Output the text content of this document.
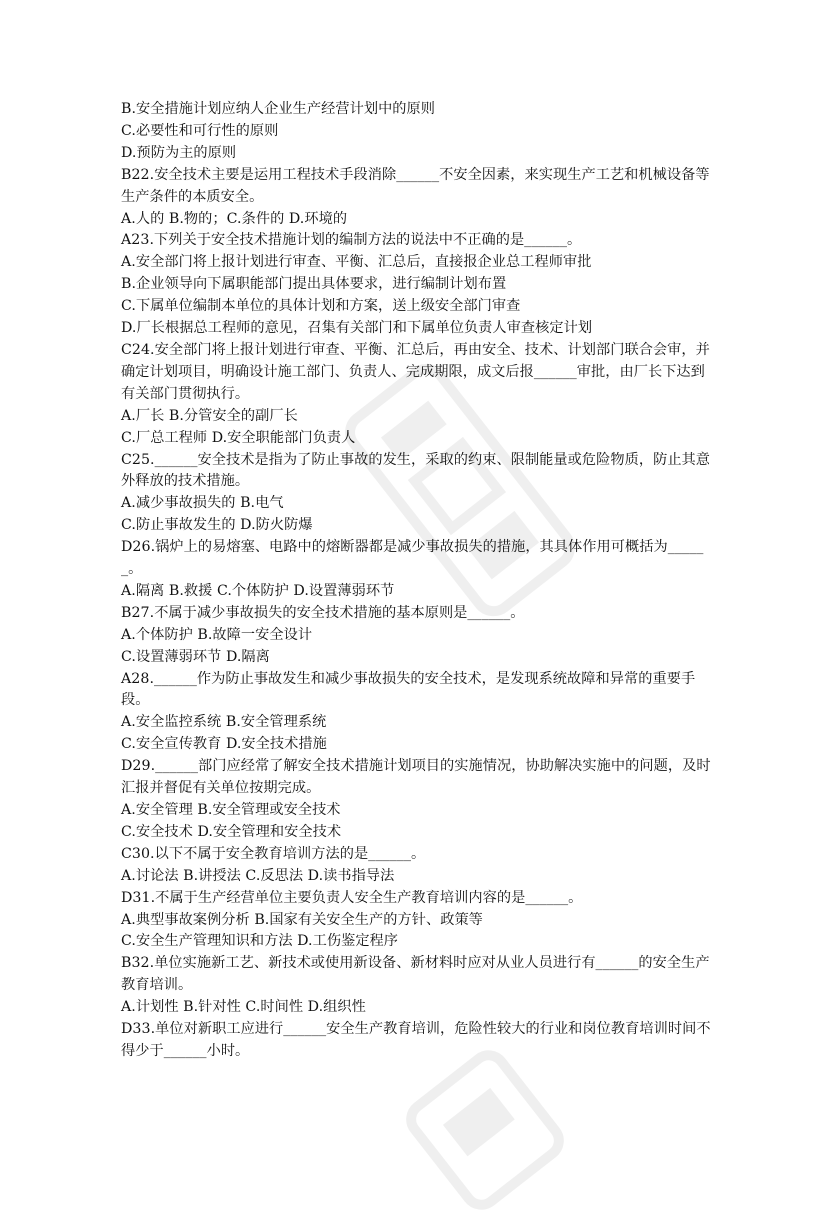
B.安全措施计划应纳人企业生产经营计划中的原则

C.必要性和可行性的原则

D.预防为主的原则

B22.安全技术主要是运用工程技术手段消除______不安全因素，来实现生产工艺和机械设备等生产条件的本质安全。

A.人的 B.物的；C.条件的 D.环境的

A23.下列关于安全技术措施计划的编制方法的说法中不正确的是______。

A.安全部门将上报计划进行审查、平衡、汇总后，直接报企业总工程师审批

B.企业领导向下属职能部门提出具体要求，进行编制计划布置

C.下属单位编制本单位的具体计划和方案，送上级安全部门审查

D.厂长根据总工程师的意见，召集有关部门和下属单位负责人审查核定计划

C24.安全部门将上报计划进行审查、平衡、汇总后，再由安全、技术、计划部门联合会审，并确定计划项目，明确设计施工部门、负责人、完成期限，成文后报______审批，由厂长下达到有关部门贯彻执行。

A.厂长 B.分管安全的副厂长

C.厂总工程师 D.安全职能部门负责人

C25.______安全技术是指为了防止事故的发生，采取的约束、限制能量或危险物质，防止其意外释放的技术措施。

A.减少事故损失的 B.电气

C.防止事故发生的 D.防火防爆

D26.锅炉上的易熔塞、电路中的熔断器都是减少事故损失的措施，其具体作用可概括为______。

A.隔离 B.救援 C.个体防护 D.设置薄弱环节

B27.不属于减少事故损失的安全技术措施的基本原则是______。

A.个体防护 B.故障一安全设计

C.设置薄弱环节 D.隔离

A28.______作为防止事故发生和减少事故损失的安全技术，是发现系统故障和异常的重要手段。

A.安全监控系统 B.安全管理系统

C.安全宣传教育 D.安全技术措施

D29.______部门应经常了解安全技术措施计划项目的实施情况，协助解决实施中的问题，及时汇报并督促有关单位按期完成。

A.安全管理 B.安全管理或安全技术

C.安全技术 D.安全管理和安全技术

C30.以下不属于安全教育培训方法的是______。

A.讨论法 B.讲授法 C.反思法 D.读书指导法

D31.不属于生产经营单位主要负责人安全生产教育培训内容的是______。

A.典型事故案例分析 B.国家有关安全生产的方针、政策等

C.安全生产管理知识和方法 D.工伤鉴定程序

B32.单位实施新工艺、新技术或使用新设备、新材料时应对从业人员进行有______的安全生产教育培训。

A.计划性 B.针对性 C.时间性 D.组织性

D33.单位对新职工应进行______安全生产教育培训，危险性较大的行业和岗位教育培训时间不得少于______小时。
